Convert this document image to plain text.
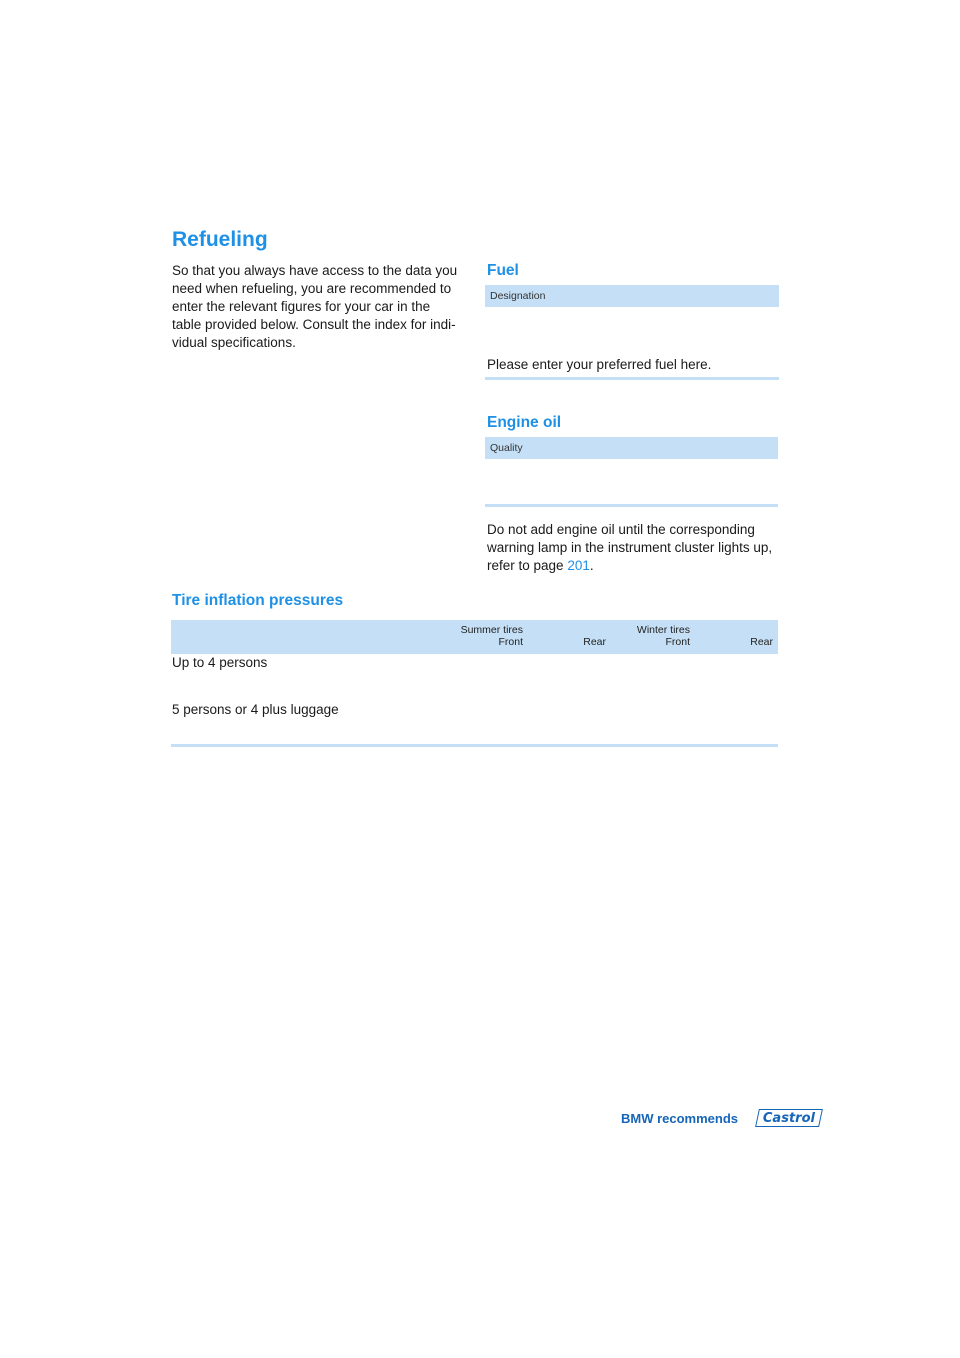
Refueling
So that you always have access to the data you
need when refueling, you are recommended to
enter the relevant figures for your car in the
table provided below. Consult the index for indi-
vidual specifications.
Fuel
Designation
Please enter your preferred fuel here.
Engine oil
Quality
Do not add engine oil until the corresponding
warning lamp in the instrument cluster lights up,
refer to page 201.
Tire inflation pressures
Summer tires
Front	Rear
Winter tires
Front	Rear
Up to 4 persons
5 persons or 4 plus luggage
BMW recommends Castrol
